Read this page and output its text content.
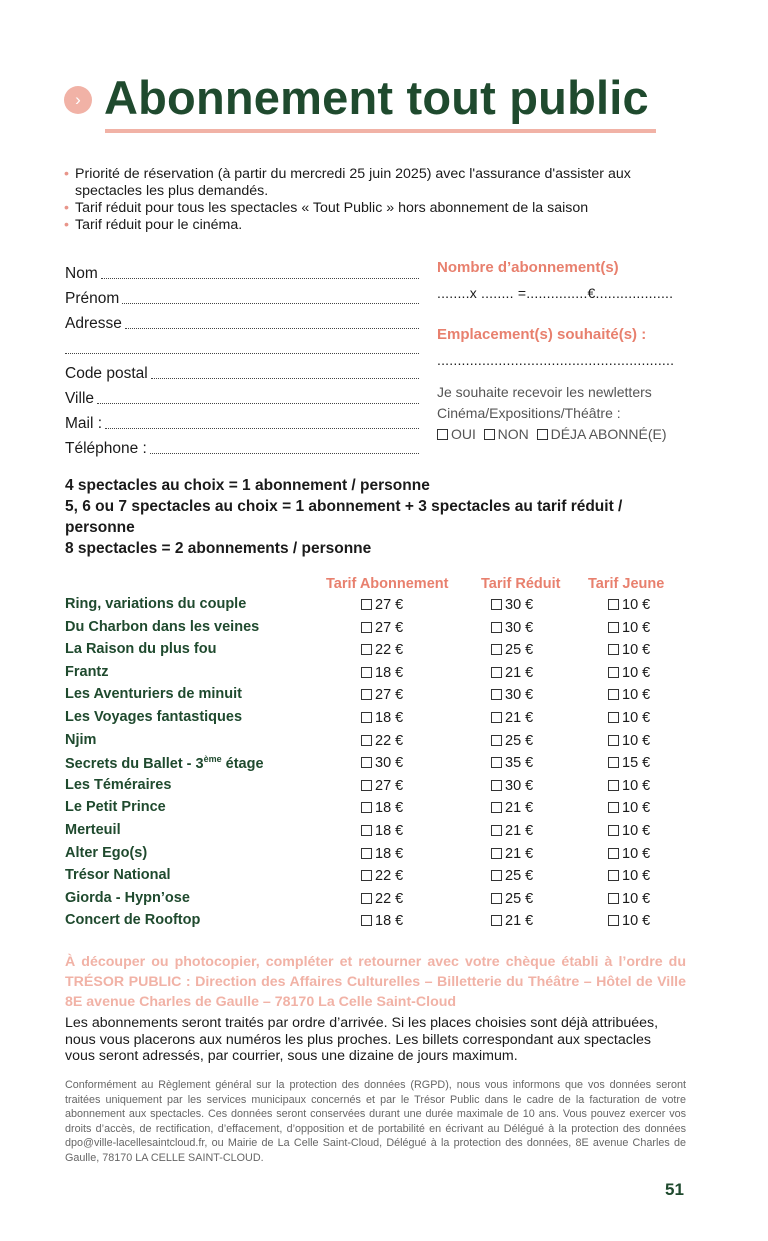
› Abonnement tout public
• Priorité de réservation (à partir du mercredi 25 juin 2025) avec l'assurance d'assister aux spectacles les plus demandés.
• Tarif réduit pour tous les spectacles « Tout Public » hors abonnement de la saison
• Tarif réduit pour le cinéma.
Nom
Prénom
Adresse
Code postal
Ville
Mail :
Téléphone :
Nombre d’abonnement(s)
........x ........ =...............€...................
Emplacement(s) souhaité(s) :
..........................................................
Je souhaite recevoir les newletters
Cinéma/Expositions/Théâtre :
OUI NON DÉJA ABONNÉ(E)
4 spectacles au choix = 1 abonnement / personne
5, 6 ou 7 spectacles au choix = 1 abonnement + 3 spectacles au tarif réduit / personne
8 spectacles = 2 abonnements / personne
Tarif Abonnement Tarif Réduit Tarif Jeune
Ring, variations du couple	27 €	30 €	10 €
Du Charbon dans les veines	27 €	30 €	10 €
La Raison du plus fou	22 €	25 €	10 €
Frantz	18 €	21 €	10 €
Les Aventuriers de minuit	27 €	30 €	10 €
Les Voyages fantastiques	18 €	21 €	10 €
Njim	22 €	25 €	10 €
Secrets du Ballet - 3ème étage	30 €	35 €	15 €
Les Téméraires	27 €	30 €	10 €
Le Petit Prince	18 €	21 €	10 €
Merteuil	18 €	21 €	10 €
Alter Ego(s)	18 €	21 €	10 €
Trésor National	22 €	25 €	10 €
Giorda - Hypn’ose	22 €	25 €	10 €
Concert de Rooftop	18 €	21 €	10 €
À découper ou photocopier, compléter et retourner avec votre chèque établi à l’ordre du TRÉSOR PUBLIC : Direction des Affaires Culturelles – Billetterie du Théâtre – Hôtel de Ville 8E avenue Charles de Gaulle – 78170 La Celle Saint-Cloud
Les abonnements seront traités par ordre d’arrivée. Si les places choisies sont déjà attribuées, nous vous placerons aux numéros les plus proches. Les billets correspondant aux spectacles vous seront adressés, par courrier, sous une dizaine de jours maximum.
Conformément au Règlement général sur la protection des données (RGPD), nous vous informons que vos données seront traitées uniquement par les services municipaux concernés et par le Trésor Public dans le cadre de la facturation de votre abonnement aux spectacles. Ces données seront conservées durant une durée maximale de 10 ans. Vous pouvez exercer vos droits d’accès, de rectification, d’effacement, d’opposition et de portabilité en écrivant au Délégué à la protection des données dpo@ville-lacellesaintcloud.fr, ou Mairie de La Celle Saint-Cloud, Délégué à la protection des données, 8E avenue Charles de Gaulle, 78170 LA CELLE SAINT-CLOUD.
51
